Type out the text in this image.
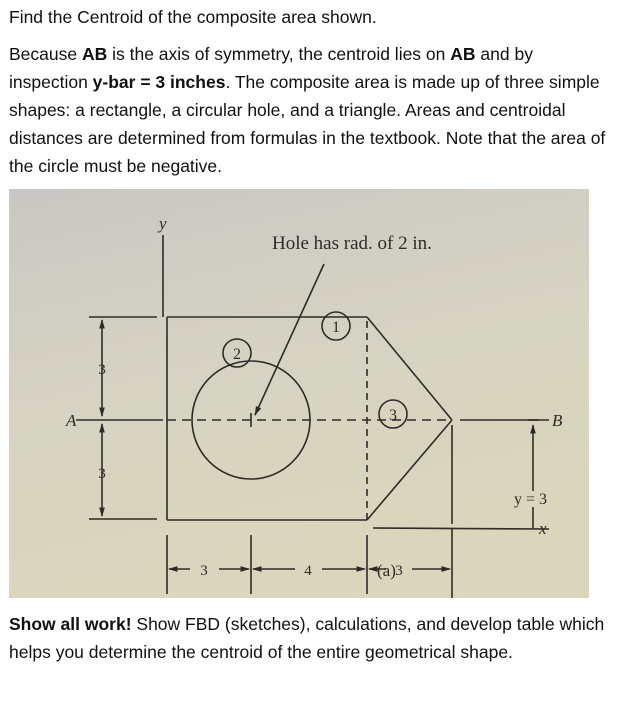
Find the Centroid of the composite area shown.

Because AB is the axis of symmetry, the centroid lies on AB and by inspection y-bar = 3 inches. The composite area is made up of three simple shapes: a rectangle, a circular hole, and a triangle. Areas and centroidal distances are determined from formulas in the textbook. Note that the area of the circle must be negative.

y
Hole has rad. of 2 in.
A	B
x
y = 3
1
2
3
3
3
3	4	3
(a)

Show all work! Show FBD (sketches), calculations, and develop table which helps you determine the centroid of the entire geometrical shape.
